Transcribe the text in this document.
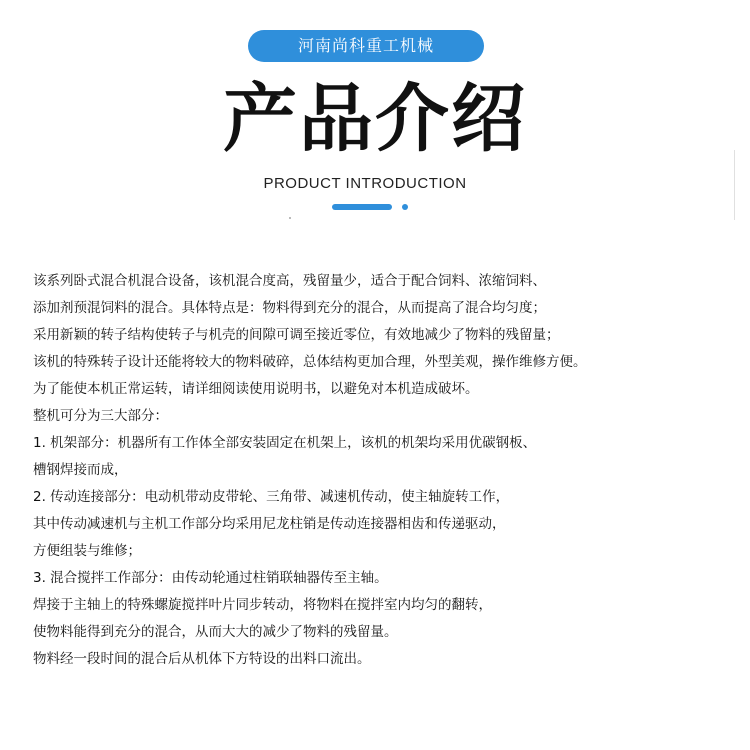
河南尚科重工机械
产品介绍
PRODUCT INTRODUCTION
该系列卧式混合机混合设备，该机混合度高，残留量少，适合于配合饲料、浓缩饲料、
添加剂预混饲料的混合。具体特点是：物料得到充分的混合，从而提高了混合均匀度；
采用新颖的转子结构使转子与机壳的间隙可调至接近零位，有效地减少了物料的残留量；
该机的特殊转子设计还能将较大的物料破碎，总体结构更加合理，外型美观，操作维修方便。
为了能使本机正常运转，请详细阅读使用说明书，以避免对本机造成破坏。
整机可分为三大部分：
1. 机架部分：机器所有工作体全部安装固定在机架上，该机的机架均采用优碳钢板、
槽钢焊接而成，
2. 传动连接部分：电动机带动皮带轮、三角带、减速机传动，使主轴旋转工作，
其中传动减速机与主机工作部分均采用尼龙柱销是传动连接器相齿和传递驱动，
方便组装与维修；
3. 混合搅拌工作部分：由传动轮通过柱销联轴器传至主轴。
焊接于主轴上的特殊螺旋搅拌叶片同步转动，将物料在搅拌室内均匀的翻转，
使物料能得到充分的混合，从而大大的减少了物料的残留量。
物料经一段时间的混合后从机体下方特设的出料口流出。
